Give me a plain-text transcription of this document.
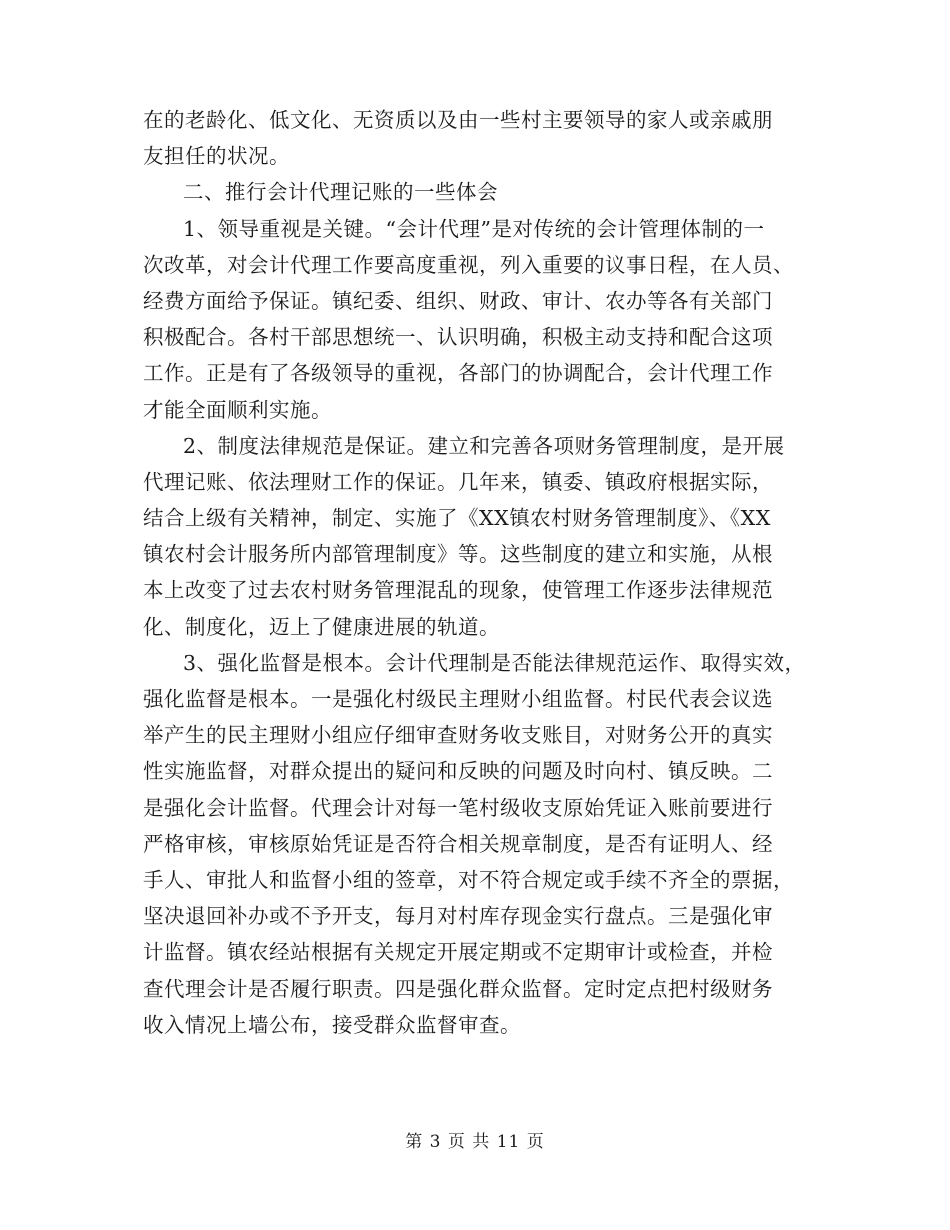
在的老龄化、低文化、无资质以及由一些村主要领导的家人或亲戚朋
友担任的状况。
二、推行会计代理记账的一些体会
1、领导重视是关键。“会计代理”是对传统的会计管理体制的一
次改革，对会计代理工作要高度重视，列入重要的议事日程，在人员、
经费方面给予保证。镇纪委、组织、财政、审计、农办等各有关部门
积极配合。各村干部思想统一、认识明确，积极主动支持和配合这项
工作。正是有了各级领导的重视，各部门的协调配合，会计代理工作
才能全面顺利实施。
2、制度法律规范是保证。建立和完善各项财务管理制度，是开展
代理记账、依法理财工作的保证。几年来，镇委、镇政府根据实际，
结合上级有关精神，制定、实施了《XX镇农村财务管理制度》、《XX
镇农村会计服务所内部管理制度》等。这些制度的建立和实施，从根
本上改变了过去农村财务管理混乱的现象，使管理工作逐步法律规范
化、制度化，迈上了健康进展的轨道。
3、强化监督是根本。会计代理制是否能法律规范运作、取得实效，
强化监督是根本。一是强化村级民主理财小组监督。村民代表会议选
举产生的民主理财小组应仔细审查财务收支账目，对财务公开的真实
性实施监督，对群众提出的疑问和反映的问题及时向村、镇反映。二
是强化会计监督。代理会计对每一笔村级收支原始凭证入账前要进行
严格审核，审核原始凭证是否符合相关规章制度，是否有证明人、经
手人、审批人和监督小组的签章，对不符合规定或手续不齐全的票据，
坚决退回补办或不予开支，每月对村库存现金实行盘点。三是强化审
计监督。镇农经站根据有关规定开展定期或不定期审计或检查，并检
查代理会计是否履行职责。四是强化群众监督。定时定点把村级财务
收入情况上墙公布，接受群众监督审查。
第 3 页 共 11 页
